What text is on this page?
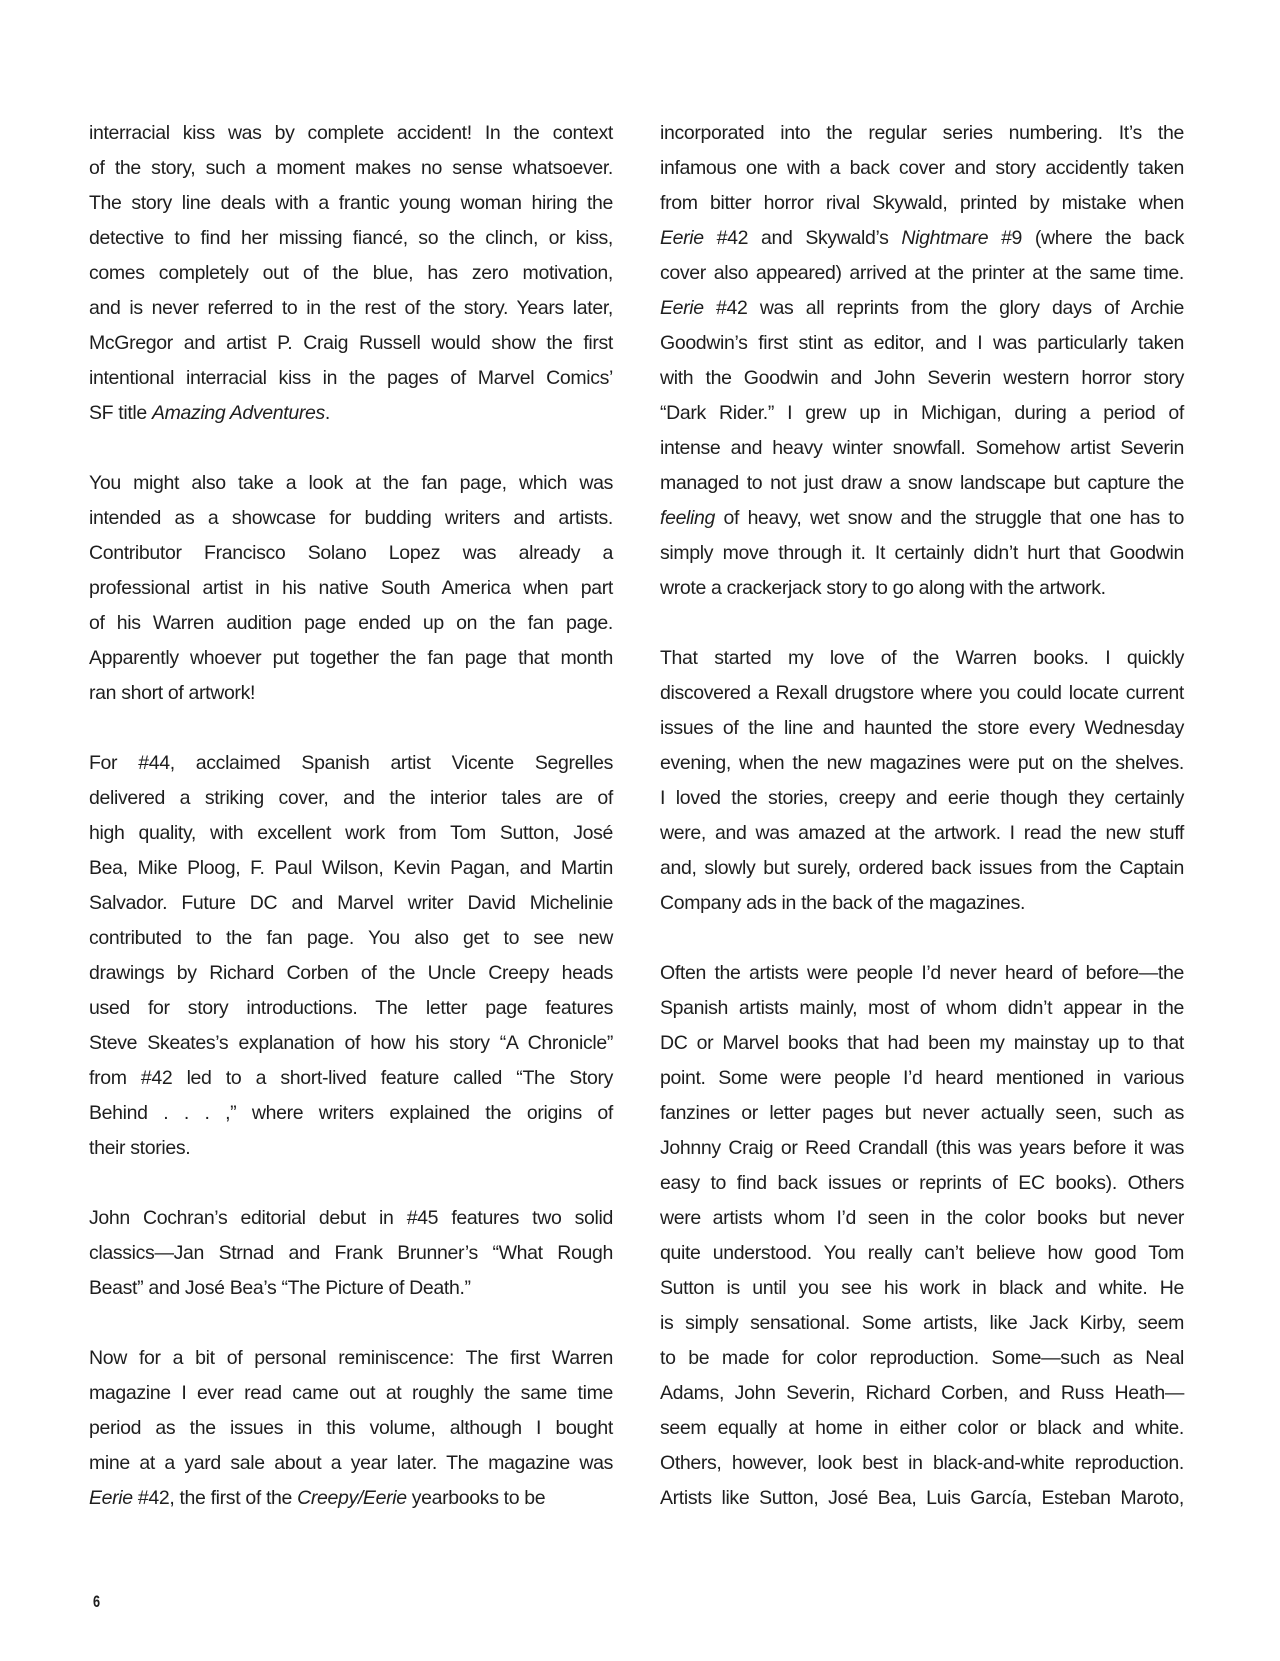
interracial kiss was by complete accident! In the context
of the story, such a moment makes no sense whatsoever.
The story line deals with a frantic young woman hiring the
detective to find her missing fiancé, so the clinch, or kiss,
comes completely out of the blue, has zero motivation,
and is never referred to in the rest of the story. Years later,
McGregor and artist P. Craig Russell would show the first
intentional interracial kiss in the pages of Marvel Comics’
SF title Amazing Adventures.
You might also take a look at the fan page, which was
intended as a showcase for budding writers and artists.
Contributor Francisco Solano Lopez was already a
professional artist in his native South America when part
of his Warren audition page ended up on the fan page.
Apparently whoever put together the fan page that month
ran short of artwork!
For #44, acclaimed Spanish artist Vicente Segrelles
delivered a striking cover, and the interior tales are of
high quality, with excellent work from Tom Sutton, José
Bea, Mike Ploog, F. Paul Wilson, Kevin Pagan, and Martin
Salvador. Future DC and Marvel writer David Michelinie
contributed to the fan page. You also get to see new
drawings by Richard Corben of the Uncle Creepy heads
used for story introductions. The letter page features
Steve Skeates’s explanation of how his story “A Chronicle”
from #42 led to a short-lived feature called “The Story
Behind . . . ,” where writers explained the origins of
their stories.
John Cochran’s editorial debut in #45 features two solid
classics—Jan Strnad and Frank Brunner’s “What Rough
Beast” and José Bea’s “The Picture of Death.”
Now for a bit of personal reminiscence: The first Warren
magazine I ever read came out at roughly the same time
period as the issues in this volume, although I bought
mine at a yard sale about a year later. The magazine was
Eerie #42, the first of the Creepy/Eerie yearbooks to be
incorporated into the regular series numbering. It’s the
infamous one with a back cover and story accidently taken
from bitter horror rival Skywald, printed by mistake when
Eerie #42 and Skywald’s Nightmare #9 (where the back
cover also appeared) arrived at the printer at the same time.
Eerie #42 was all reprints from the glory days of Archie
Goodwin’s first stint as editor, and I was particularly taken
with the Goodwin and John Severin western horror story
“Dark Rider.” I grew up in Michigan, during a period of
intense and heavy winter snowfall. Somehow artist Severin
managed to not just draw a snow landscape but capture the
feeling of heavy, wet snow and the struggle that one has to
simply move through it. It certainly didn’t hurt that Goodwin
wrote a crackerjack story to go along with the artwork.
That started my love of the Warren books. I quickly
discovered a Rexall drugstore where you could locate current
issues of the line and haunted the store every Wednesday
evening, when the new magazines were put on the shelves.
I loved the stories, creepy and eerie though they certainly
were, and was amazed at the artwork. I read the new stuff
and, slowly but surely, ordered back issues from the Captain
Company ads in the back of the magazines.
Often the artists were people I’d never heard of before—the
Spanish artists mainly, most of whom didn’t appear in the
DC or Marvel books that had been my mainstay up to that
point. Some were people I’d heard mentioned in various
fanzines or letter pages but never actually seen, such as
Johnny Craig or Reed Crandall (this was years before it was
easy to find back issues or reprints of EC books). Others
were artists whom I’d seen in the color books but never
quite understood. You really can’t believe how good Tom
Sutton is until you see his work in black and white. He
is simply sensational. Some artists, like Jack Kirby, seem
to be made for color reproduction. Some—such as Neal
Adams, John Severin, Richard Corben, and Russ Heath—
seem equally at home in either color or black and white.
Others, however, look best in black-and-white reproduction.
Artists like Sutton, José Bea, Luis García, Esteban Maroto,
6
